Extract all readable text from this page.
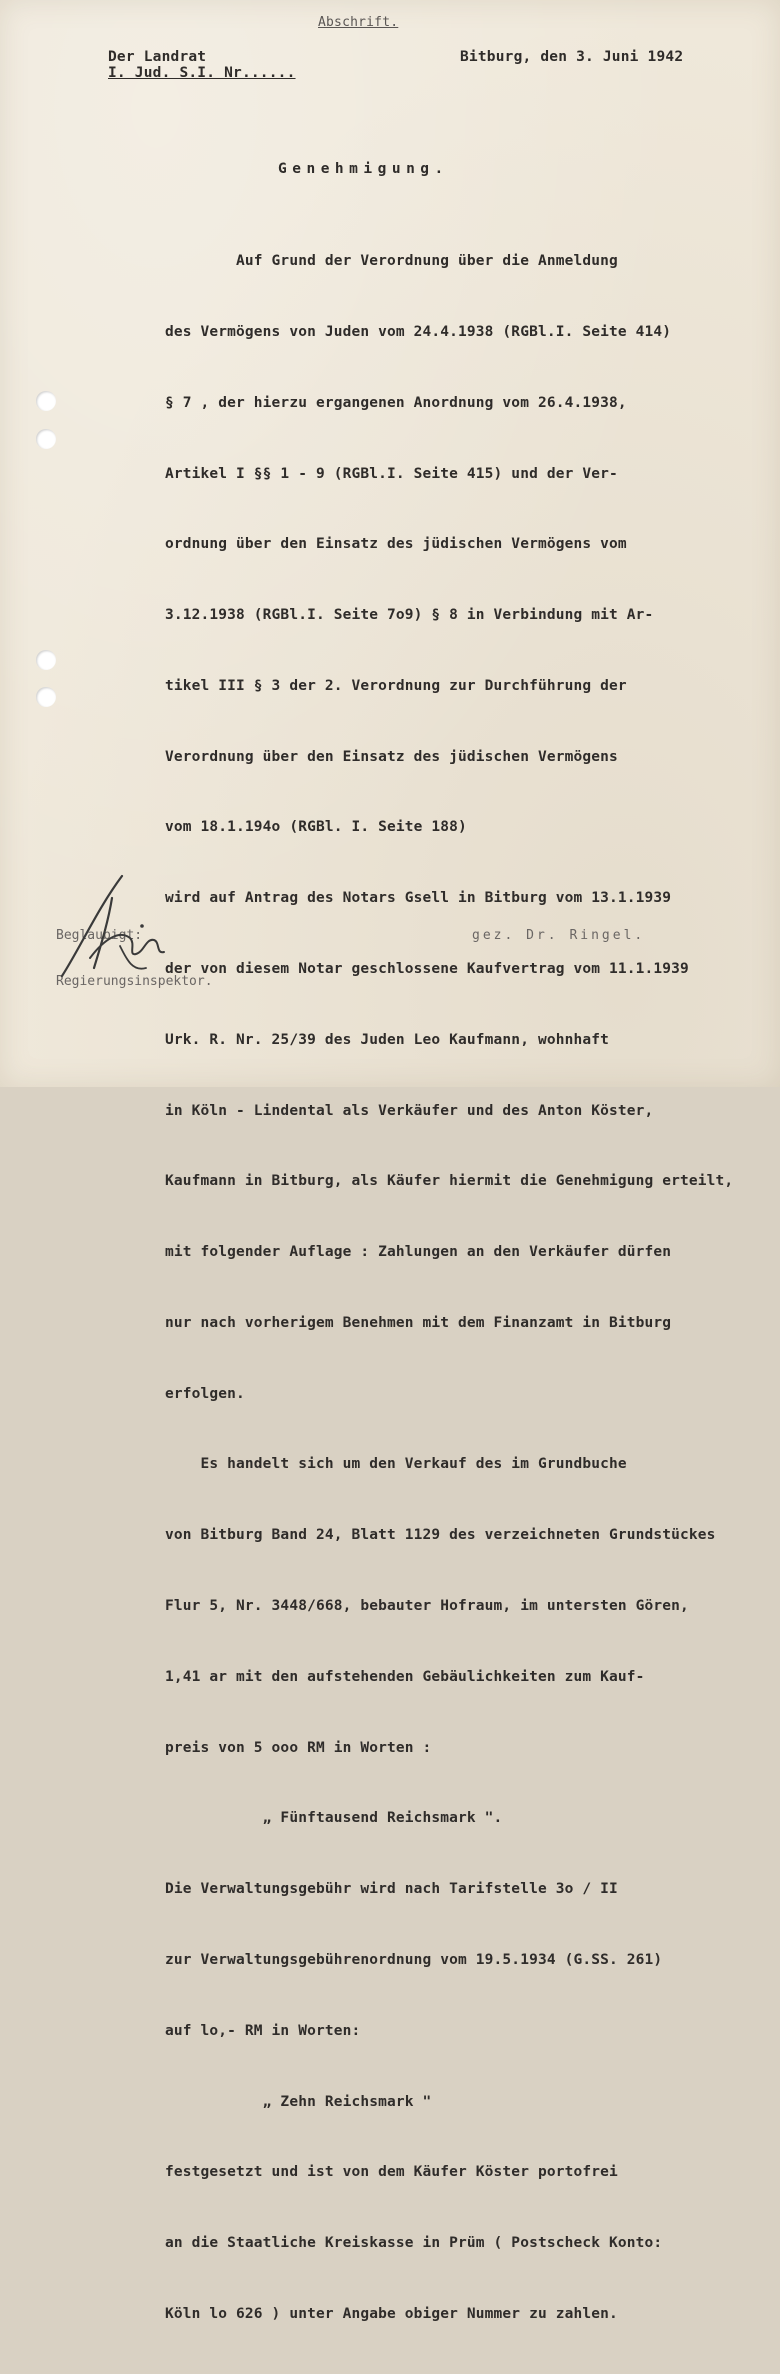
Abschrift.
Der Landrat
I. Jud. S.I. Nr......
Bitburg, den 3. Juni 1942
Genehmigung.

Auf Grund der Verordnung über die Anmeldung

des Vermögens von Juden vom 24.4.1938 (RGBl.I. Seite 414)

§ 7 , der hierzu ergangenen Anordnung vom 26.4.1938,

Artikel I §§ 1 - 9 (RGBl.I. Seite 415) und der Ver-

ordnung über den Einsatz des jüdischen Vermögens vom

3.12.1938 (RGBl.I. Seite 7o9) § 8 in Verbindung mit Ar-

tikel III § 3 der 2. Verordnung zur Durchführung der

Verordnung über den Einsatz des jüdischen Vermögens

vom 18.1.194o (RGBl. I. Seite 188)

wird auf Antrag des Notars Gsell in Bitburg vom 13.1.1939

der von diesem Notar geschlossene Kaufvertrag vom 11.1.1939

Urk. R. Nr. 25/39 des Juden Leo Kaufmann, wohnhaft

in Köln - Lindental als Verkäufer und des Anton Köster,

Kaufmann in Bitburg, als Käufer hiermit die Genehmigung erteilt,

mit folgender Auflage : Zahlungen an den Verkäufer dürfen

nur nach vorherigem Benehmen mit dem Finanzamt in Bitburg

erfolgen.

Es handelt sich um den Verkauf des im Grundbuche

von Bitburg Band 24, Blatt 1129 des verzeichneten Grundstückes

Flur 5, Nr. 3448/668, bebauter Hofraum, im untersten Gören,

1,41 ar mit den aufstehenden Gebäulichkeiten zum Kauf-

preis von 5 ooo RM in Worten :

„ Fünftausend Reichsmark ".

Die Verwaltungsgebühr wird nach Tarifstelle 3o / II

zur Verwaltungsgebührenordnung vom 19.5.1934 (G.SS. 261)

auf lo,- RM in Worten:

„ Zehn Reichsmark "

festgesetzt und ist von dem Käufer Köster portofrei

an die Staatliche Kreiskasse in Prüm ( Postscheck Konto:

Köln lo 626 ) unter Angabe obiger Nummer zu zahlen.

Beglaubigt:	gez. Dr. Ringel.
Regierungsinspektor.
